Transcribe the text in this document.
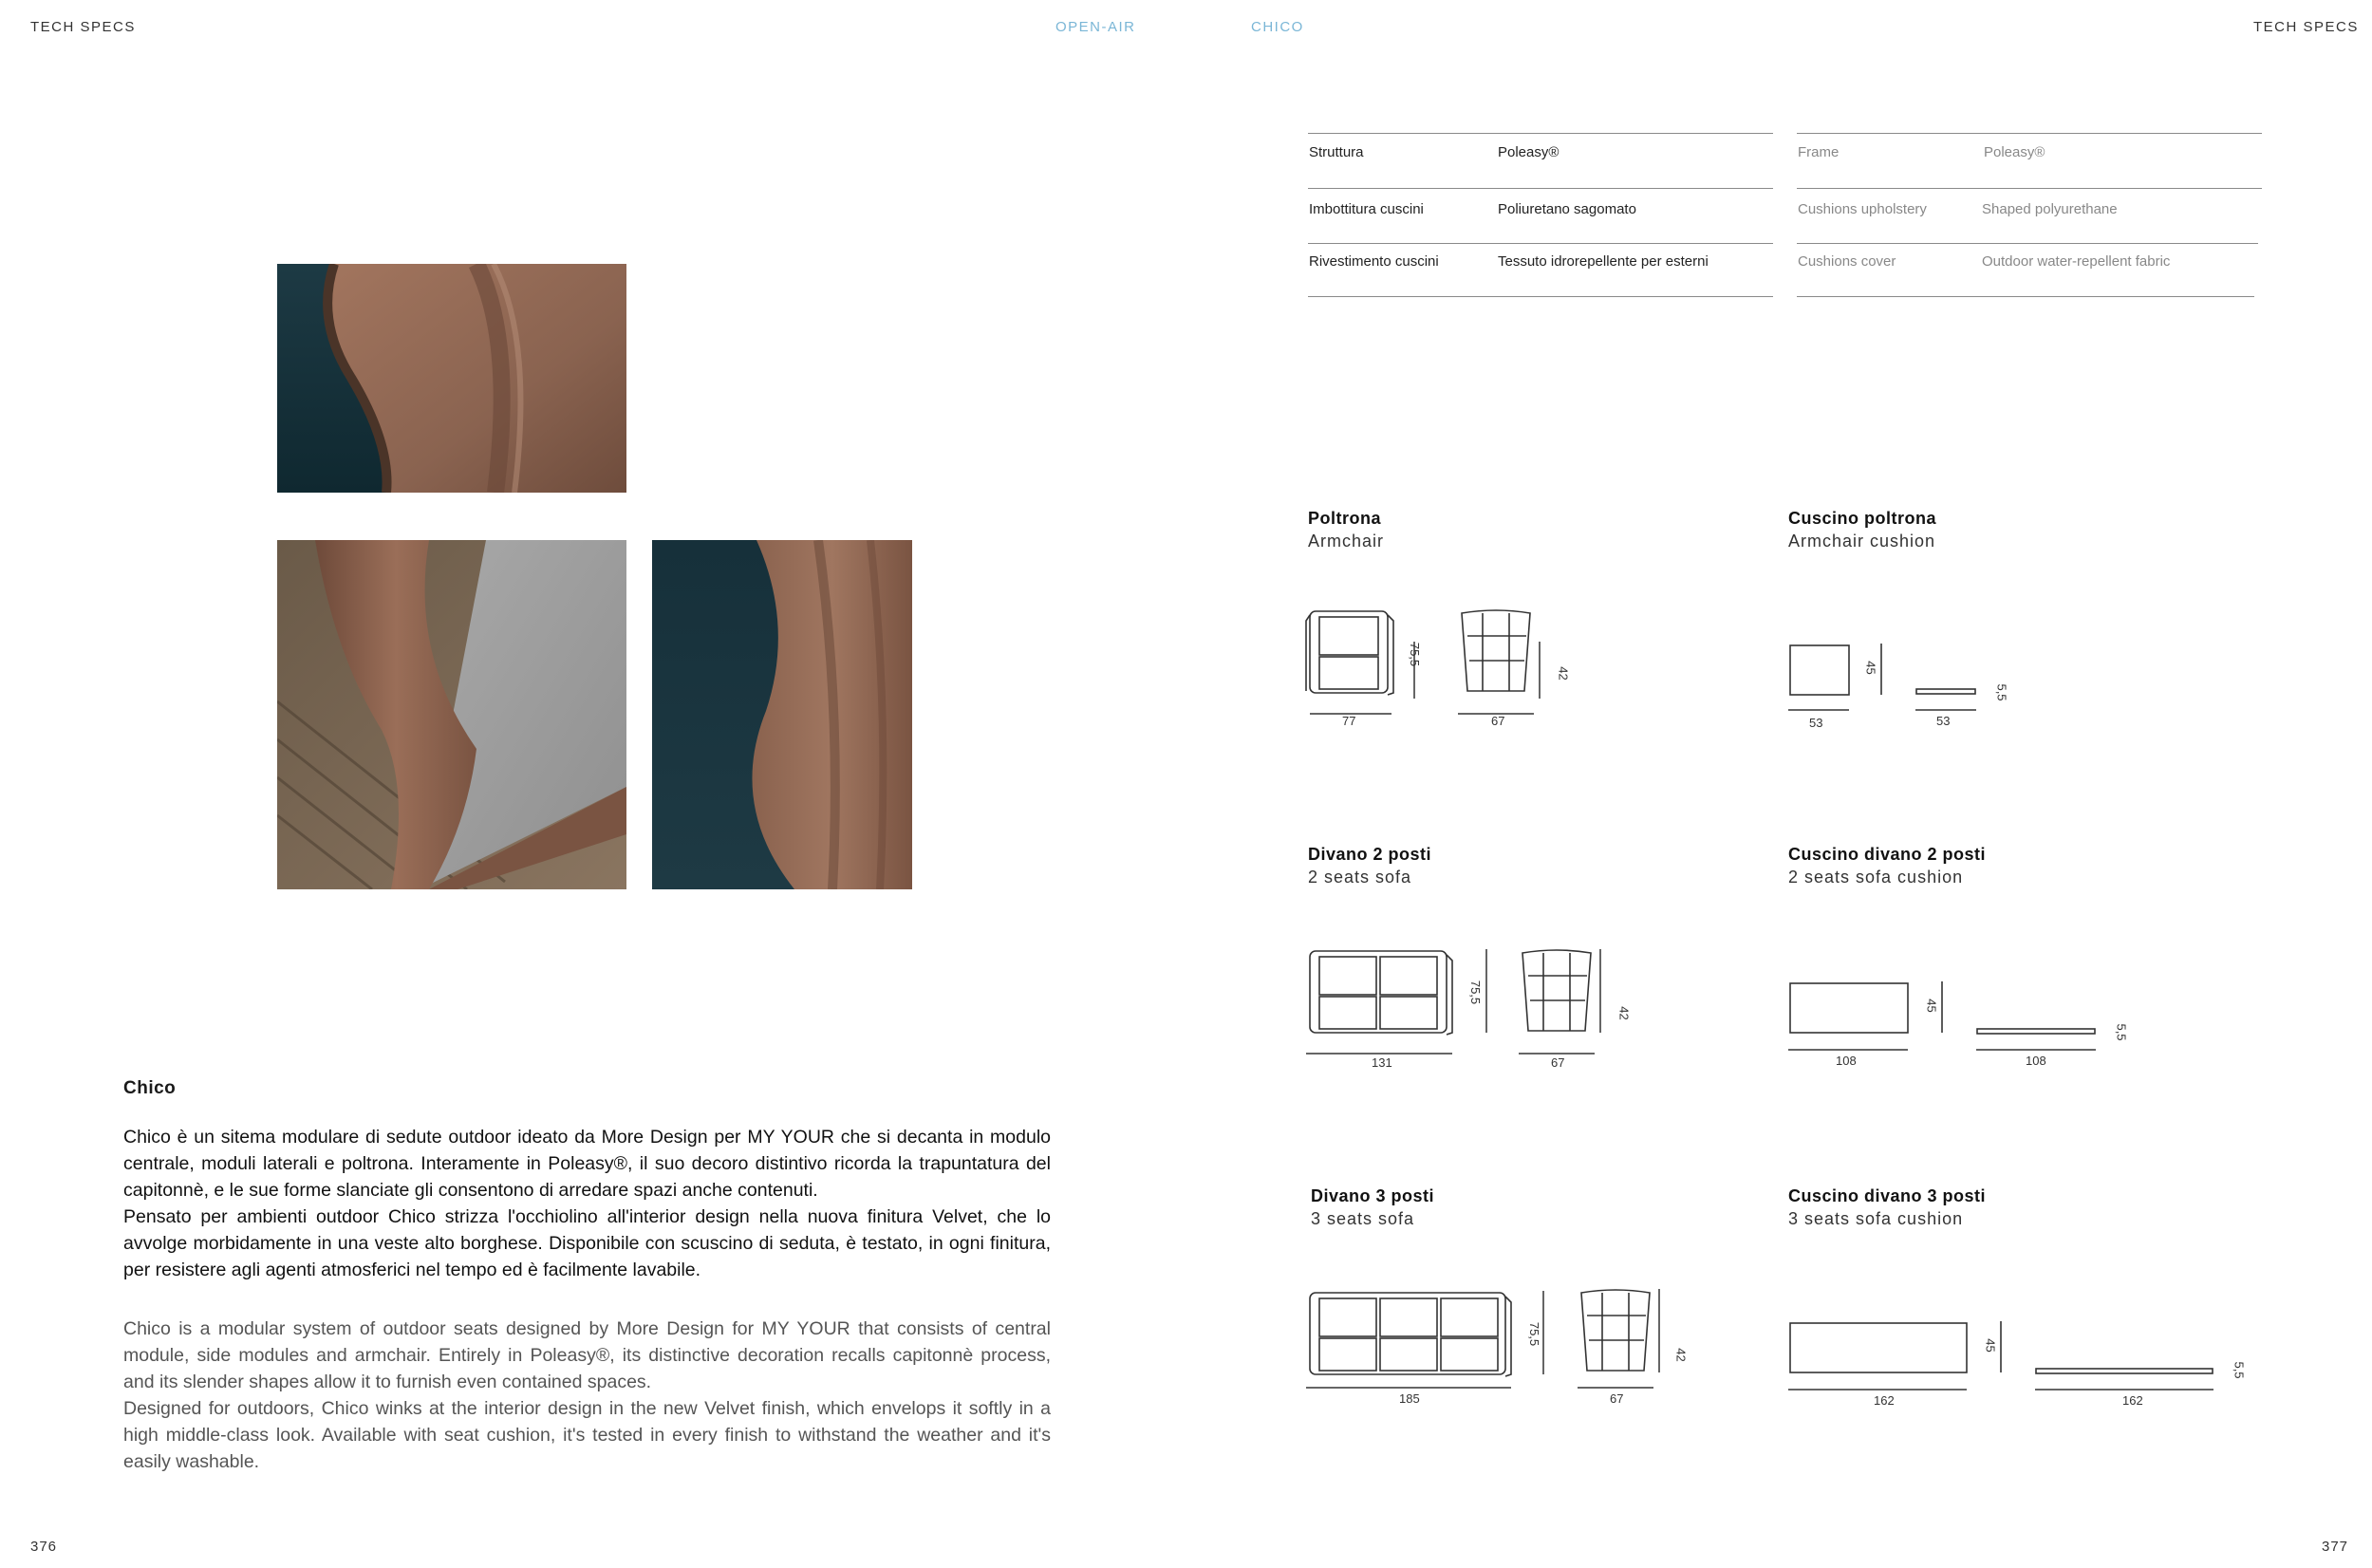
TECH SPECS	OPEN-AIR	CHICO	TECH SPECS
Chico
Chico è un sitema modulare di sedute outdoor ideato da More Design per MY YOUR che si decanta in modulo centrale, moduli laterali e poltrona. Interamente in Poleasy®, il suo decoro distintivo ricorda la trapuntatura del capitonnè, e le sue forme slanciate gli consentono di arredare spazi anche contenuti.
Pensato per ambienti outdoor Chico strizza l'occhiolino all'interior design nella nuova finitura Velvet, che lo avvolge morbidamente in una veste alto borghese. Disponibile con scuscino di seduta, è testato, in ogni finitura, per resistere agli agenti atmosferici nel tempo ed è facilmente lavabile.
Chico is a modular system of outdoor seats designed by More Design for MY YOUR that consists of central module, side modules and armchair. Entirely in Poleasy®, its distinctive decoration recalls capitonnè process, and its slender shapes allow it to furnish even contained spaces.
Designed for outdoors, Chico winks at the interior design in the new Velvet finish, which envelops it softly in a high middle-class look. Available with seat cushion, it's tested in every finish to withstand the weather and it's easily washable.
Struttura	Poleasy®
Imbottitura cuscini	Poliuretano sagomato
Rivestimento cuscini	Tessuto idrorepellente per esterni
Frame	Poleasy®
Cushions upholstery	Shaped polyurethane
Cushions cover	Outdoor water-repellent fabric
Poltrona
Armchair
75,5
77
42
67
Cuscino poltrona
Armchair cushion
45
53
5,5
53
Divano 2 posti
2 seats sofa
75,5
131
42
67
Cuscino divano 2 posti
2 seats sofa cushion
45
108
5,5
108
Divano 3 posti
3 seats sofa
75,5
185
42
67
Cuscino divano 3 posti
3 seats sofa cushion
45
162
5,5
162
376	377
